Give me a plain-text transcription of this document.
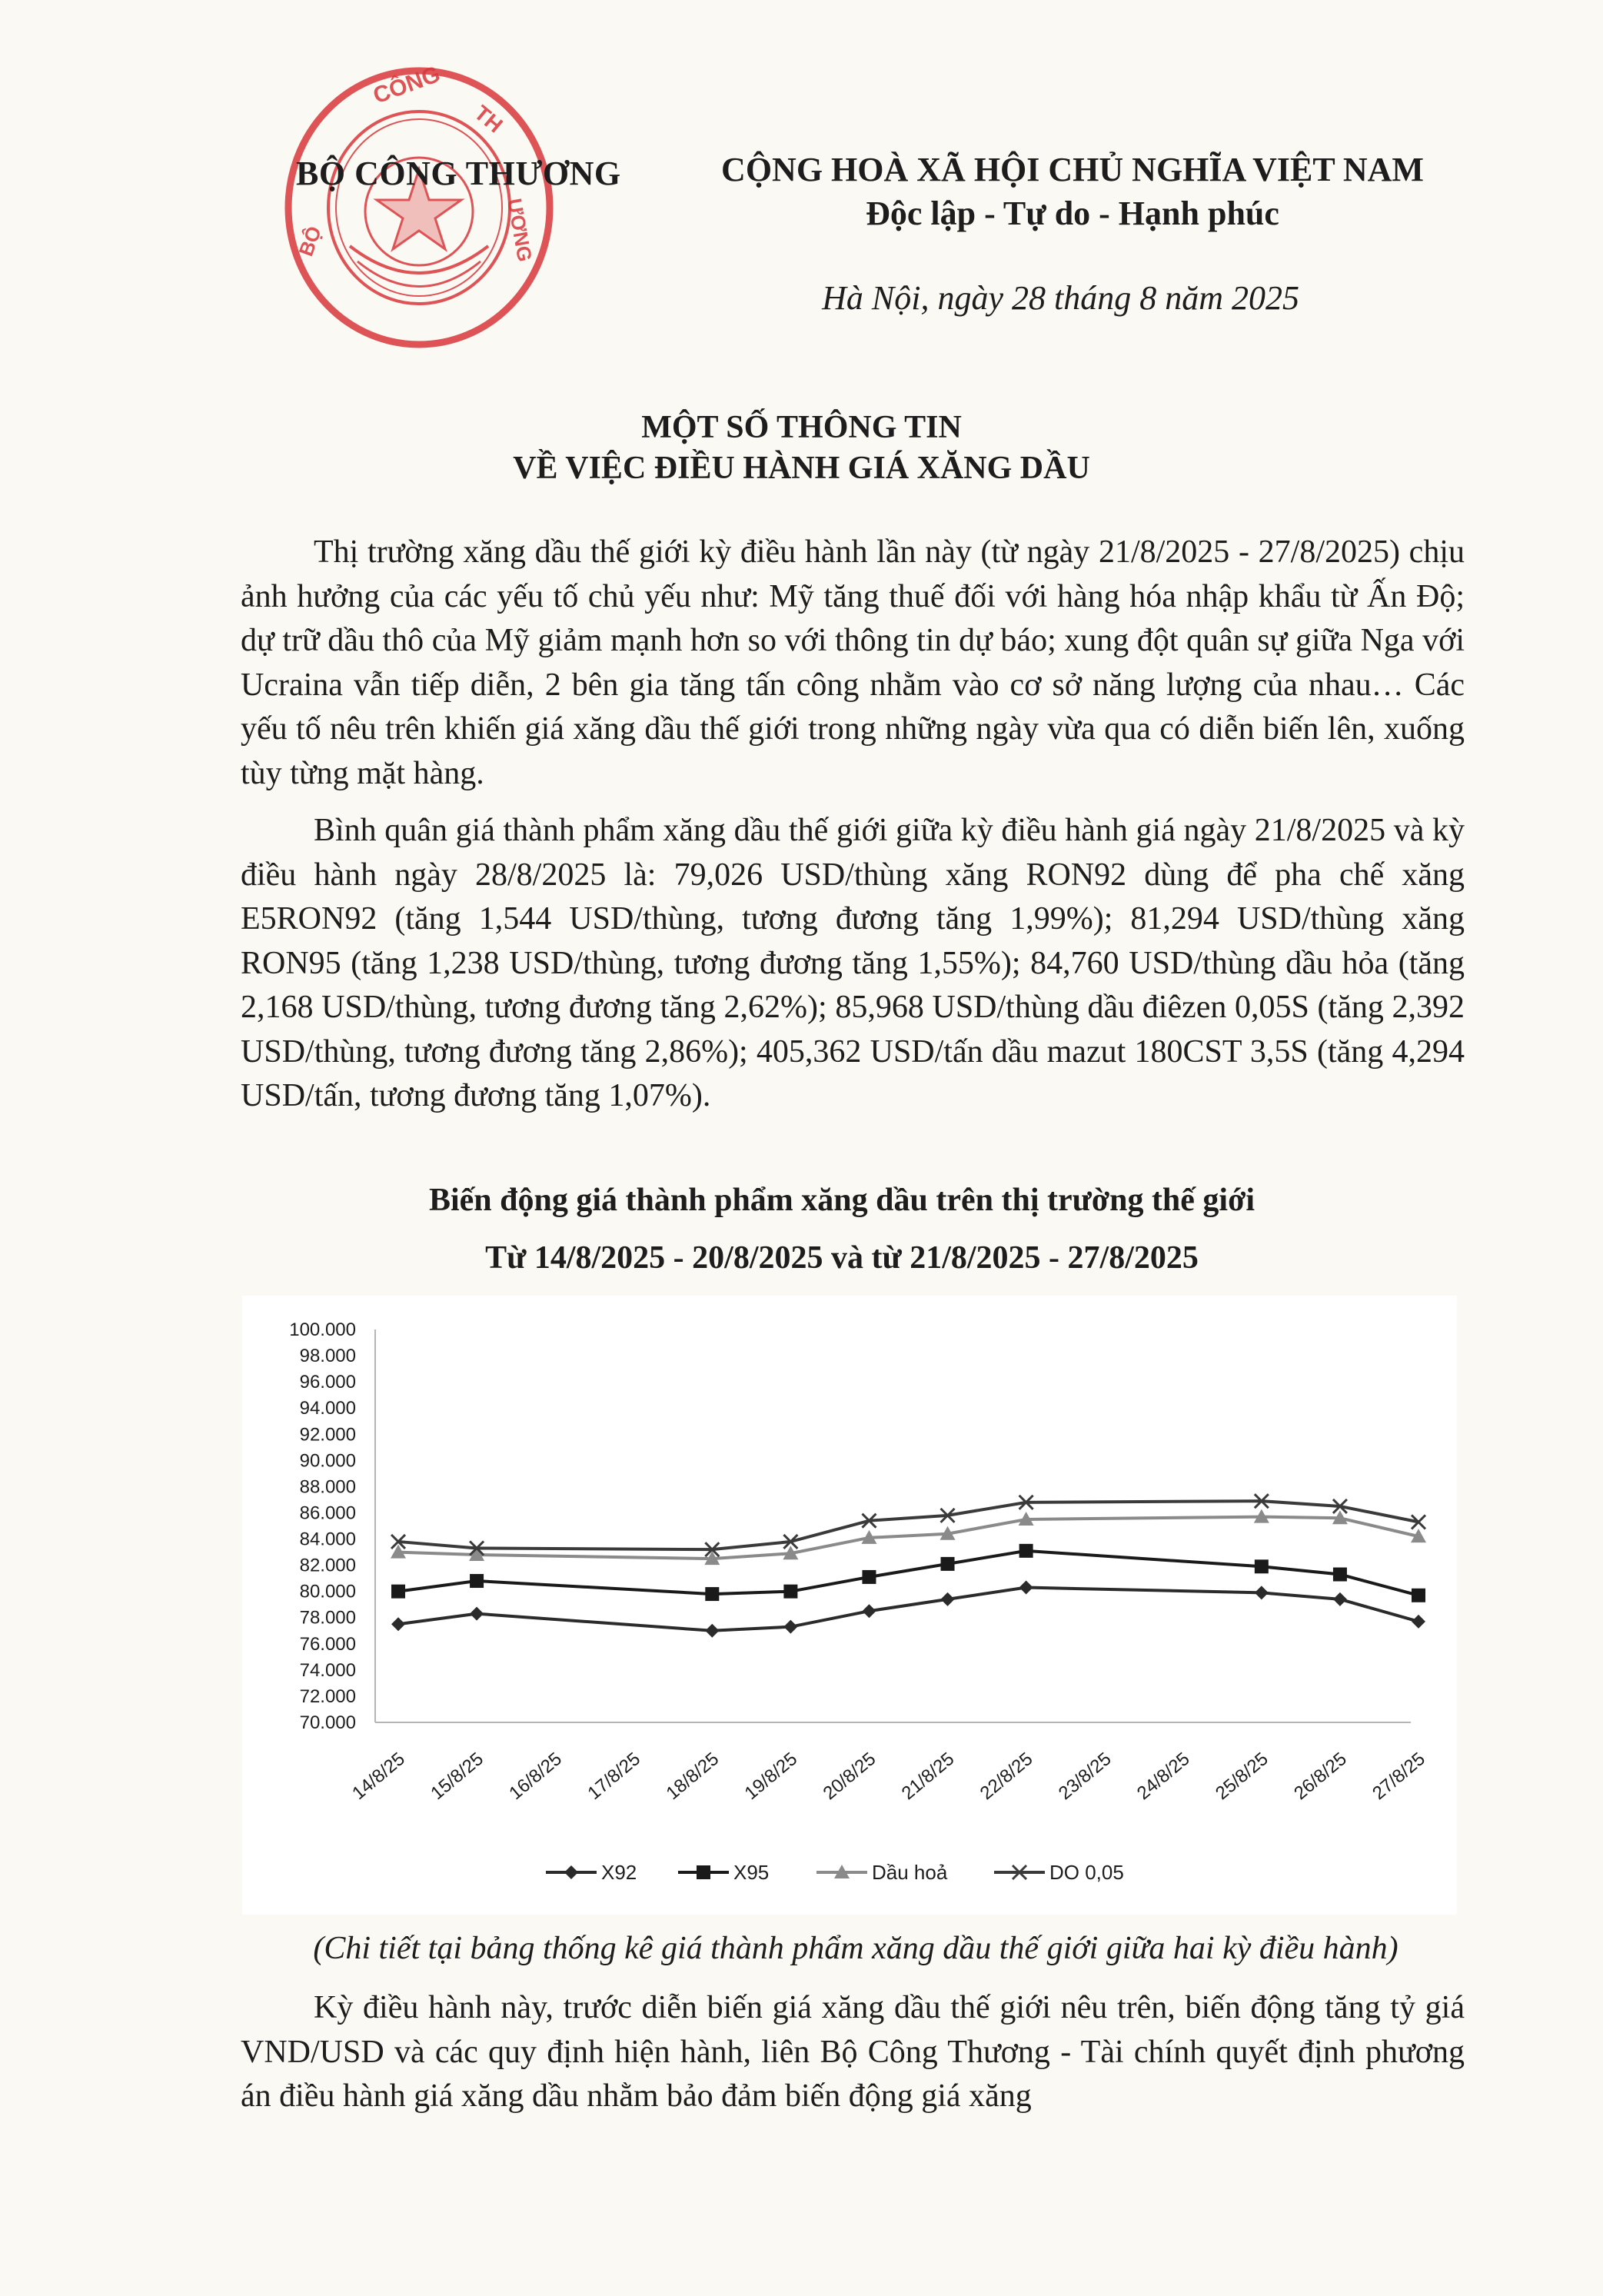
CÔNG
TH
ƯƠNG
BỘ
BỘ CÔNG THƯƠNG	CỘNG HOÀ XÃ HỘI CHỦ NGHĨA VIỆT NAM
Độc lập - Tự do - Hạnh phúc
Hà Nội, ngày 28 tháng 8 năm 2025
MỘT SỐ THÔNG TIN
VỀ VIỆC ĐIỀU HÀNH GIÁ XĂNG DẦU
Thị trường xăng dầu thế giới kỳ điều hành lần này (từ ngày 21/8/2025 - 27/8/2025) chịu ảnh hưởng của các yếu tố chủ yếu như: Mỹ tăng thuế đối với hàng hóa nhập khẩu từ Ấn Độ; dự trữ dầu thô của Mỹ giảm mạnh hơn so với thông tin dự báo; xung đột quân sự giữa Nga với Ucraina vẫn tiếp diễn, 2 bên gia tăng tấn công nhằm vào cơ sở năng lượng của nhau… Các yếu tố nêu trên khiến giá xăng dầu thế giới trong những ngày vừa qua có diễn biến lên, xuống tùy từng mặt hàng.
Bình quân giá thành phẩm xăng dầu thế giới giữa kỳ điều hành giá ngày 21/8/2025 và kỳ điều hành ngày 28/8/2025 là: 79,026 USD/thùng xăng RON92 dùng để pha chế xăng E5RON92 (tăng 1,544 USD/thùng, tương đương tăng 1,99%); 81,294 USD/thùng xăng RON95 (tăng 1,238 USD/thùng, tương đương tăng 1,55%); 84,760 USD/thùng dầu hỏa (tăng 2,168 USD/thùng, tương đương tăng 2,62%); 85,968 USD/thùng dầu điêzen 0,05S (tăng 2,392 USD/thùng, tương đương tăng 2,86%); 405,362 USD/tấn dầu mazut 180CST 3,5S (tăng 4,294 USD/tấn, tương đương tăng 1,07%).
Biến động giá thành phẩm xăng dầu trên thị trường thế giới
Từ 14/8/2025 - 20/8/2025 và từ 21/8/2025 - 27/8/2025
100.000
98.000
96.000
94.000
92.000
90.000
88.000
86.000
84.000
82.000
80.000
78.000
76.000
74.000
72.000
70.000
14/8/25 15/8/25 16/8/25 17/8/25 18/8/25 19/8/25 20/8/25 21/8/25 22/8/25 23/8/25 24/8/25 25/8/25 26/8/25 27/8/25
X92	X95	Dầu hoả	DO 0,05
(Chi tiết tại bảng thống kê giá thành phẩm xăng dầu thế giới giữa hai kỳ điều hành)
Kỳ điều hành này, trước diễn biến giá xăng dầu thế giới nêu trên, biến động tăng tỷ giá VND/USD và các quy định hiện hành, liên Bộ Công Thương - Tài chính quyết định phương án điều hành giá xăng dầu nhằm bảo đảm biến động giá xăng
